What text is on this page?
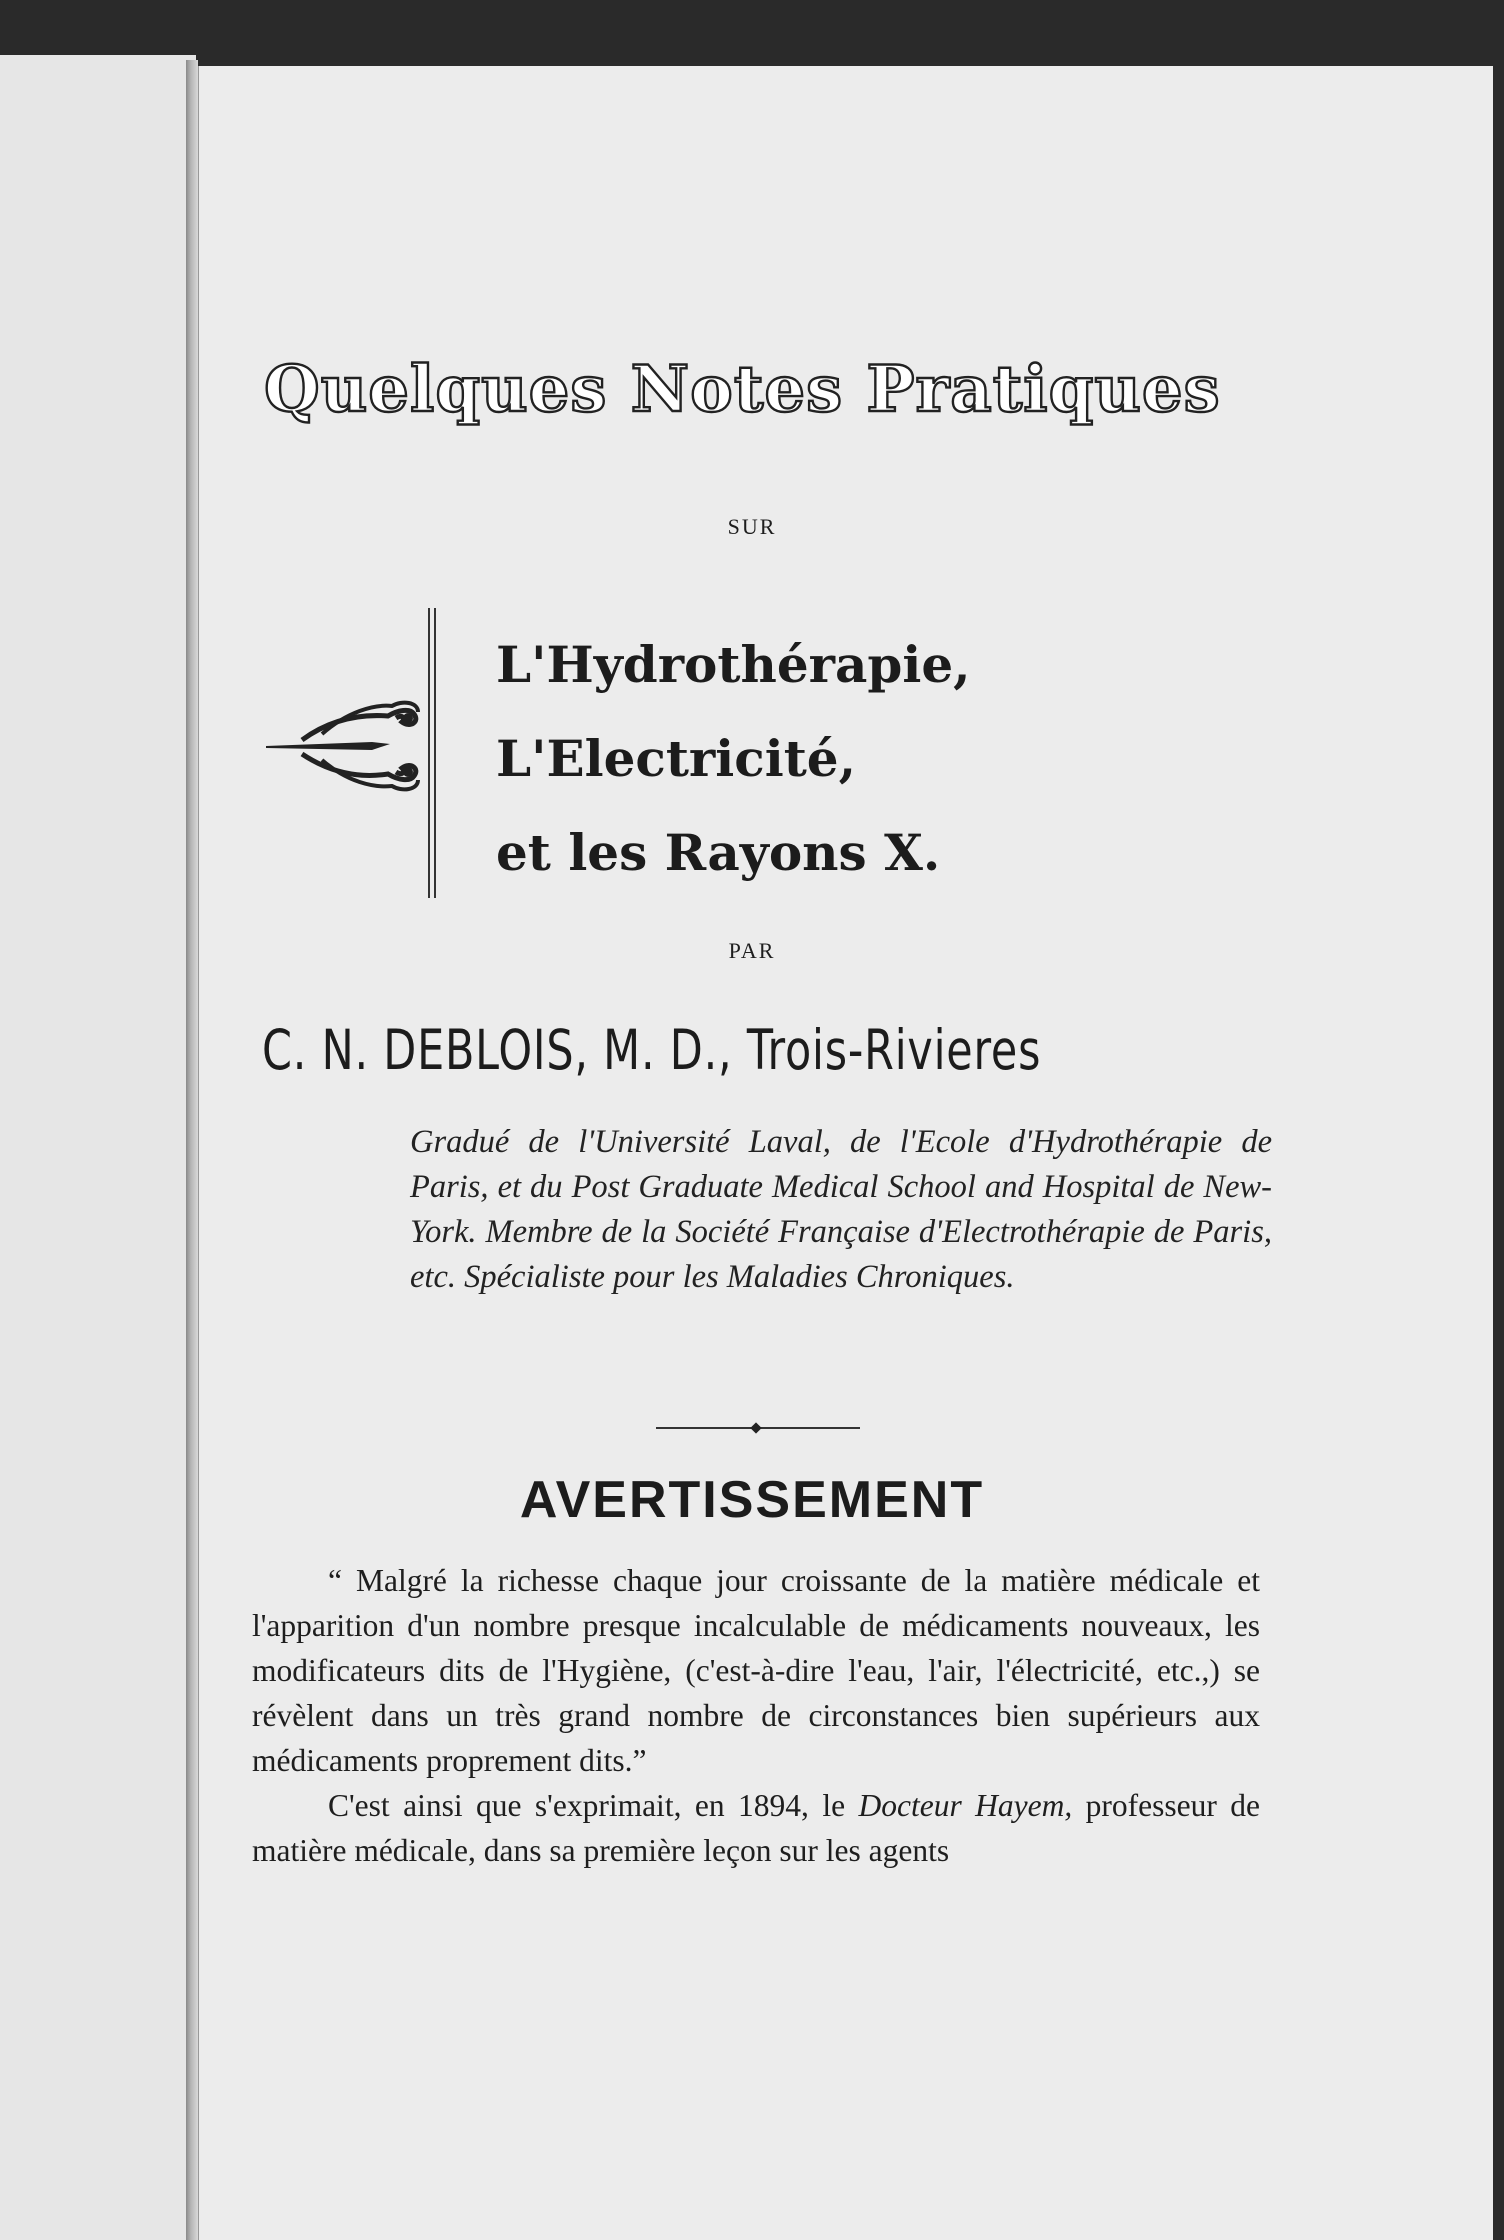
Quelques Notes Pratiques
SUR
L'Hydrothérapie,
L'Electricité,
et les Rayons X.
PAR
C. N. DEBLOIS, M. D., Trois-Rivieres
Gradué de l'Université Laval, de l'Ecole d'Hydrothérapie de Paris, et du Post Graduate Medical School and Hospital de New-York. Membre de la Société Française d'Electrothérapie de Paris, etc. Spécialiste pour les Maladies Chroniques.
AVERTISSEMENT

“ Malgré la richesse chaque jour croissante de la matière médicale et l'apparition d'un nombre presque incalculable de médicaments nouveaux, les modificateurs dits de l'Hygiène, (c'est-à-dire l'eau, l'air, l'électricité, etc.,) se révèlent dans un très grand nombre de circonstances bien supérieurs aux médicaments proprement dits.”

C'est ainsi que s'exprimait, en 1894, le Docteur Hayem, professeur de matière médicale, dans sa première leçon sur les agents
